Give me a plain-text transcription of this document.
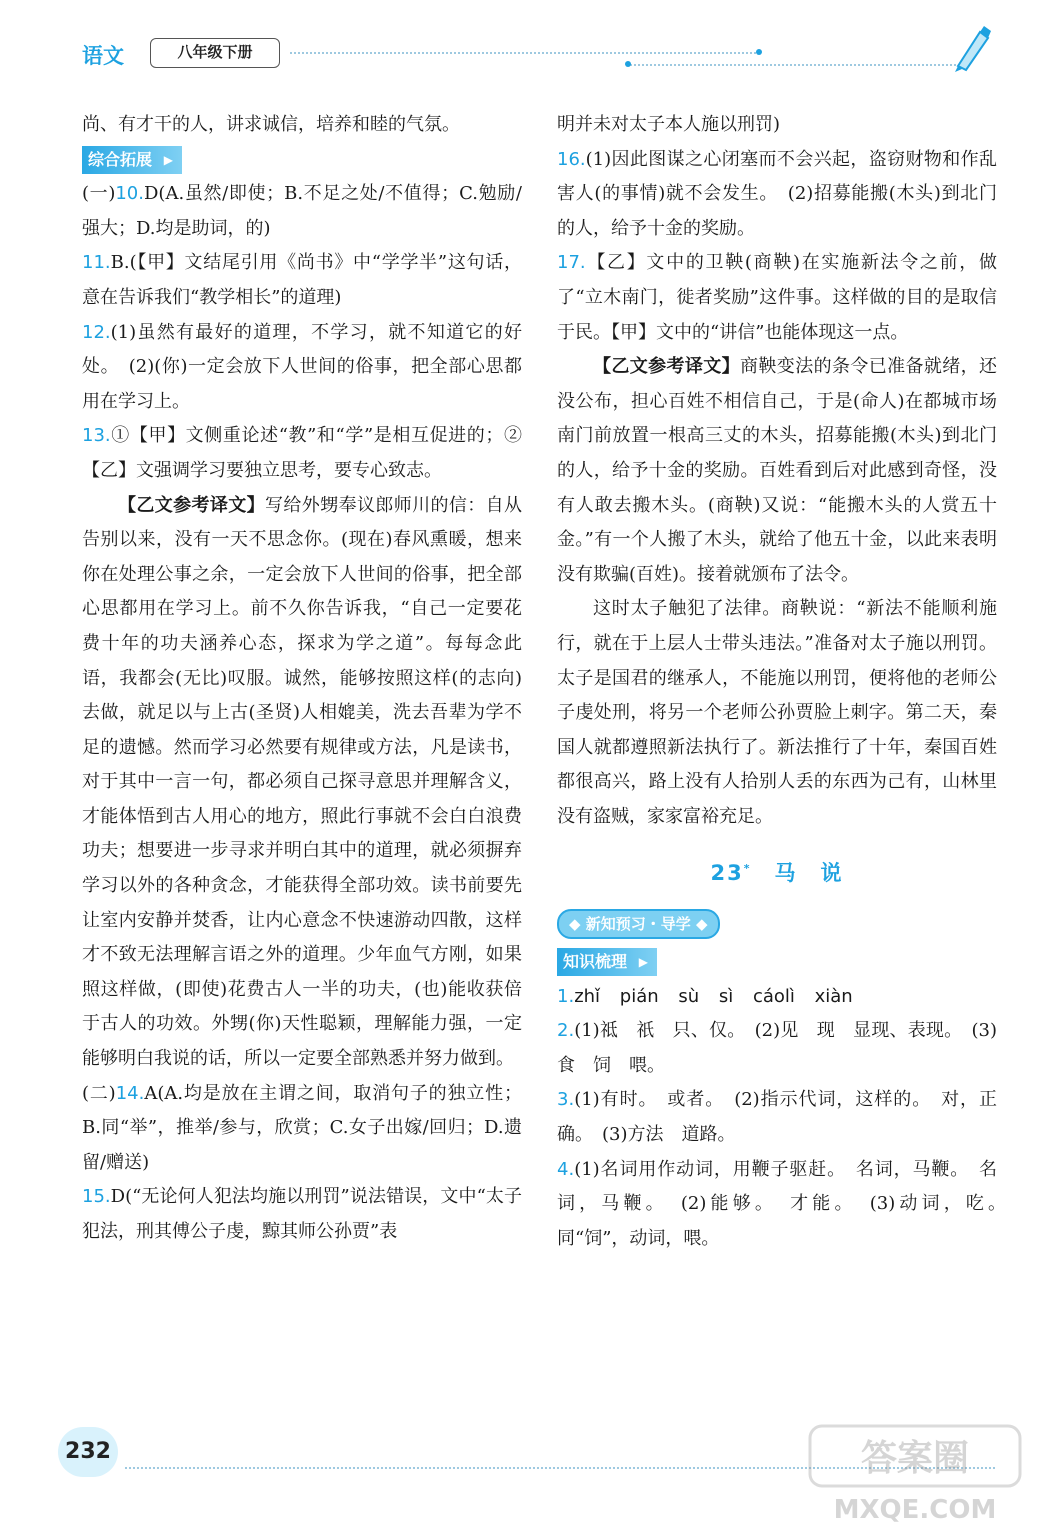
语文	八年级下册

尚、有才干的人，讲求诚信，培养和睦的气氛。

综合拓展 ▶

(一)10.D(A.虽然/即使；B.不足之处/不值得；C.勉励/强大；D.均是助词，的)

11.B.(【甲】文结尾引用《尚书》中“学学半”这句话，意在告诉我们“教学相长”的道理)

12.(1)虽然有最好的道理，不学习，就不知道它的好处。　(2)(你)一定会放下人世间的俗事，把全部心思都用在学习上。

13.①【甲】文侧重论述“教”和“学”是相互促进的；②【乙】文强调学习要独立思考，要专心致志。

【乙文参考译文】写给外甥奉议郎师川的信：自从告别以来，没有一天不思念你。(现在)春风熏暖，想来你在处理公事之余，一定会放下人世间的俗事，把全部心思都用在学习上。前不久你告诉我，“自己一定要花费十年的功夫涵养心态，探求为学之道”。每每念此语，我都会(无比)叹服。诚然，能够按照这样(的志向)去做，就足以与上古(圣贤)人相媲美，洗去吾辈为学不足的遗憾。然而学习必然要有规律或方法，凡是读书，对于其中一言一句，都必须自己探寻意思并理解含义，才能体悟到古人用心的地方，照此行事就不会白白浪费功夫；想要进一步寻求并明白其中的道理，就必须摒弃学习以外的各种贪念，才能获得全部功效。读书前要先让室内安静并焚香，让内心意念不快速游动四散，这样才不致无法理解言语之外的道理。少年血气方刚，如果照这样做，(即使)花费古人一半的功夫，(也)能收获倍于古人的功效。外甥(你)天性聪颖，理解能力强，一定能够明白我说的话，所以一定要全部熟悉并努力做到。

(二)14.A(A.均是放在主谓之间，取消句子的独立性；B.同“举”，推举/参与，欣赏；C.女子出嫁/回归；D.遗留/赠送)

15.D(“无论何人犯法均施以刑罚”说法错误，文中“太子犯法，刑其傅公子虔，黥其师公孙贾”表

明并未对太子本人施以刑罚)

16.(1)因此图谋之心闭塞而不会兴起，盗窃财物和作乱害人(的事情)就不会发生。　(2)招募能搬(木头)到北门的人，给予十金的奖励。

17.【乙】文中的卫鞅(商鞅)在实施新法令之前，做了“立木南门，徙者奖励”这件事。这样做的目的是取信于民。【甲】文中的“讲信”也能体现这一点。

【乙文参考译文】商鞅变法的条令已准备就绪，还没公布，担心百姓不相信自己，于是(命人)在都城市场南门前放置一根高三丈的木头，招募能搬(木头)到北门的人，给予十金的奖励。百姓看到后对此感到奇怪，没有人敢去搬木头。(商鞅)又说：“能搬木头的人赏五十金。”有一个人搬了木头，就给了他五十金，以此来表明没有欺骗(百姓)。接着就颁布了法令。

这时太子触犯了法律。商鞅说：“新法不能顺利施行，就在于上层人士带头违法。”准备对太子施以刑罚。太子是国君的继承人，不能施以刑罚，便将他的老师公子虔处刑，将另一个老师公孙贾脸上刺字。第二天，秦国人就都遵照新法执行了。新法推行了十年，秦国百姓都很高兴，路上没有人拾别人丢的东西为己有，山林里没有盗贼，家家富裕充足。

23*　 马　说
◆ 新知预习・导学 ◆
知识梳理 ▶

1.zhǐ pián sù sì cáolì xiàn

2.(1)祗　祇　只、仅。　(2)见　现　显现、表现。　(3)食　饲　喂。

3.(1)有时。　或者。　(2)指示代词，这样的。　对，正确。　(3)方法　道路。

4.(1)名词用作动词，用鞭子驱赶。　名词，马鞭。　名词，马鞭。　(2)能够。　才能。　(3)动词，吃。　同“饲”，动词，喂。

232	答案圈
MXQE.COM
